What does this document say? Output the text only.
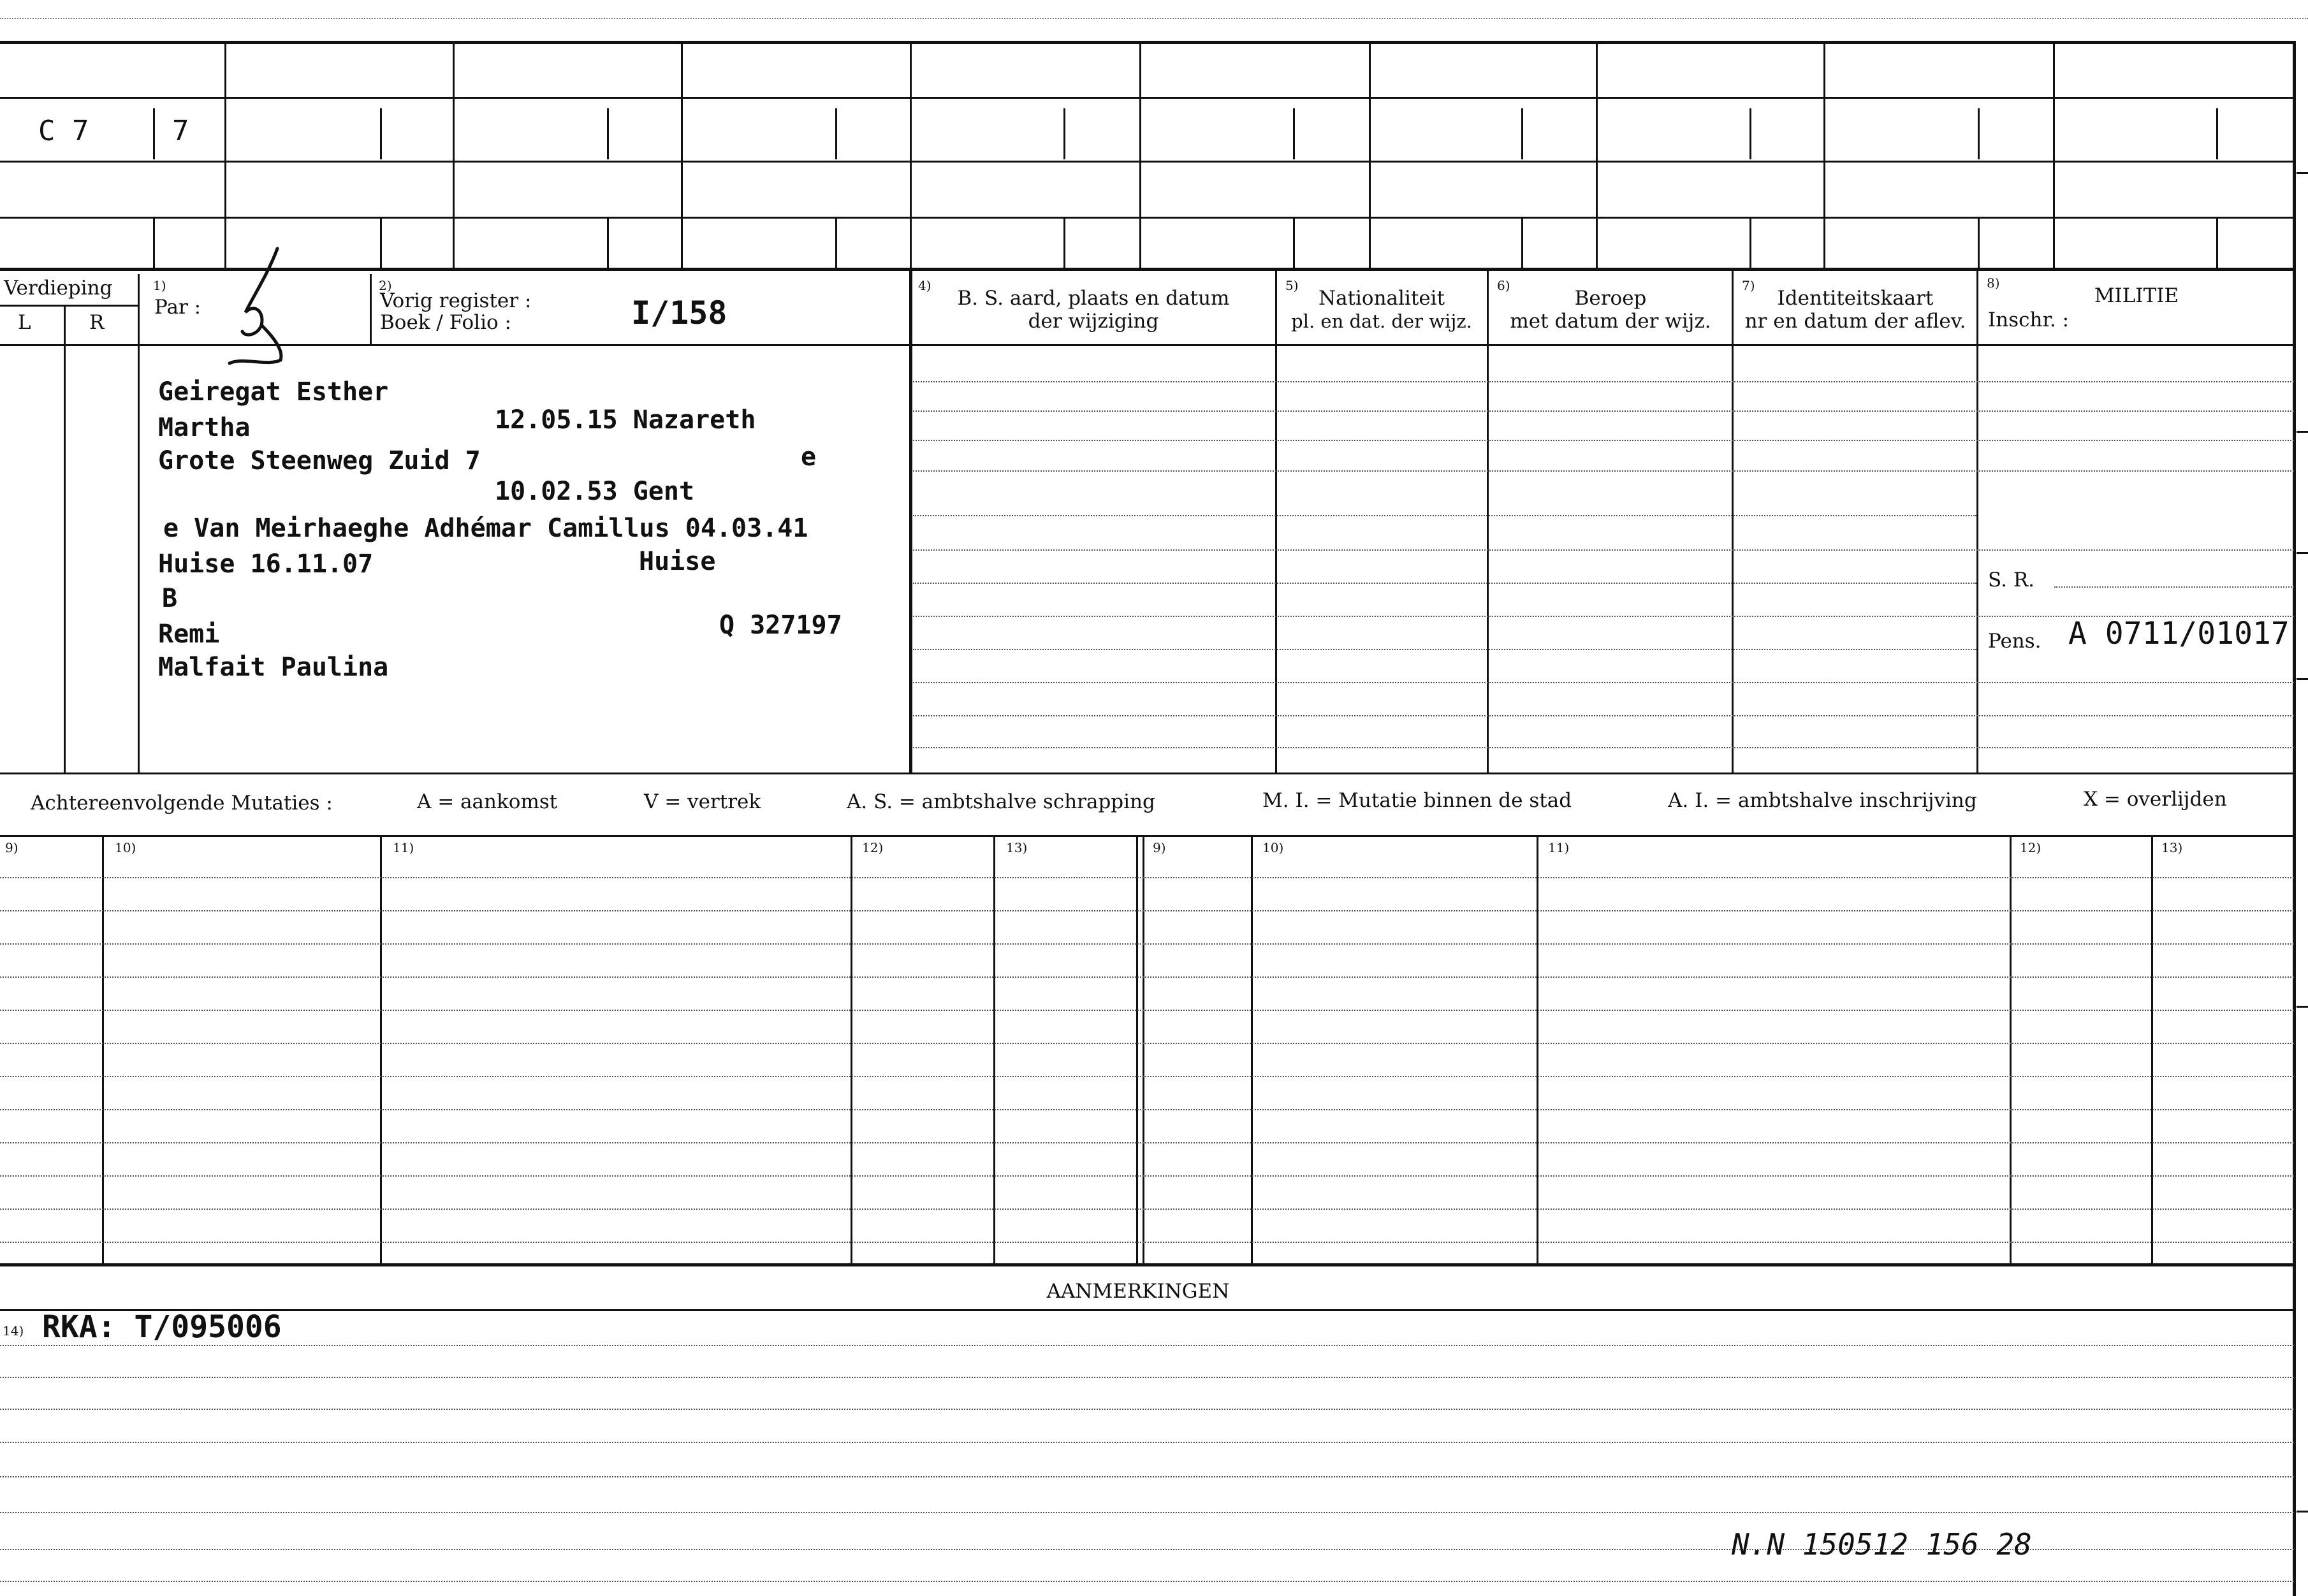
C 7	7
Verdieping
L	R
1)
Par :
2)
Vorig register :
Boek / Folio :	I/158
4)
B. S. aard, plaats en datum
der wijziging
5)
Nationaliteit
pl. en dat. der wijz.
6)
Beroep
met datum der wijz.
7)
Identiteitskaart
nr en datum der aflev.
8)
MILITIE
Inschr. :
Geiregat Esther
Martha	12.05.15 Nazareth
Grote Steenweg Zuid 7	e
10.02.53 Gent
e Van Meirhaeghe Adhémar Camillus 04.03.41
Huise 16.11.07	Huise
B
Remi	Q 327197
Malfait Paulina
S. R.
Pens. A 0711/01017
Achtereenvolgende Mutaties :	A = aankomst	V = vertrek	A. S. = ambtshalve schrapping	M. I. = Mutatie binnen de stad	A. I. = ambtshalve inschrijving	X = overlijden
9)	10)	11)	12)	13)	9)	10)	11)	12)	13)
AANMERKINGEN
14) RKA: T/095006
N.N 150512 156 28
